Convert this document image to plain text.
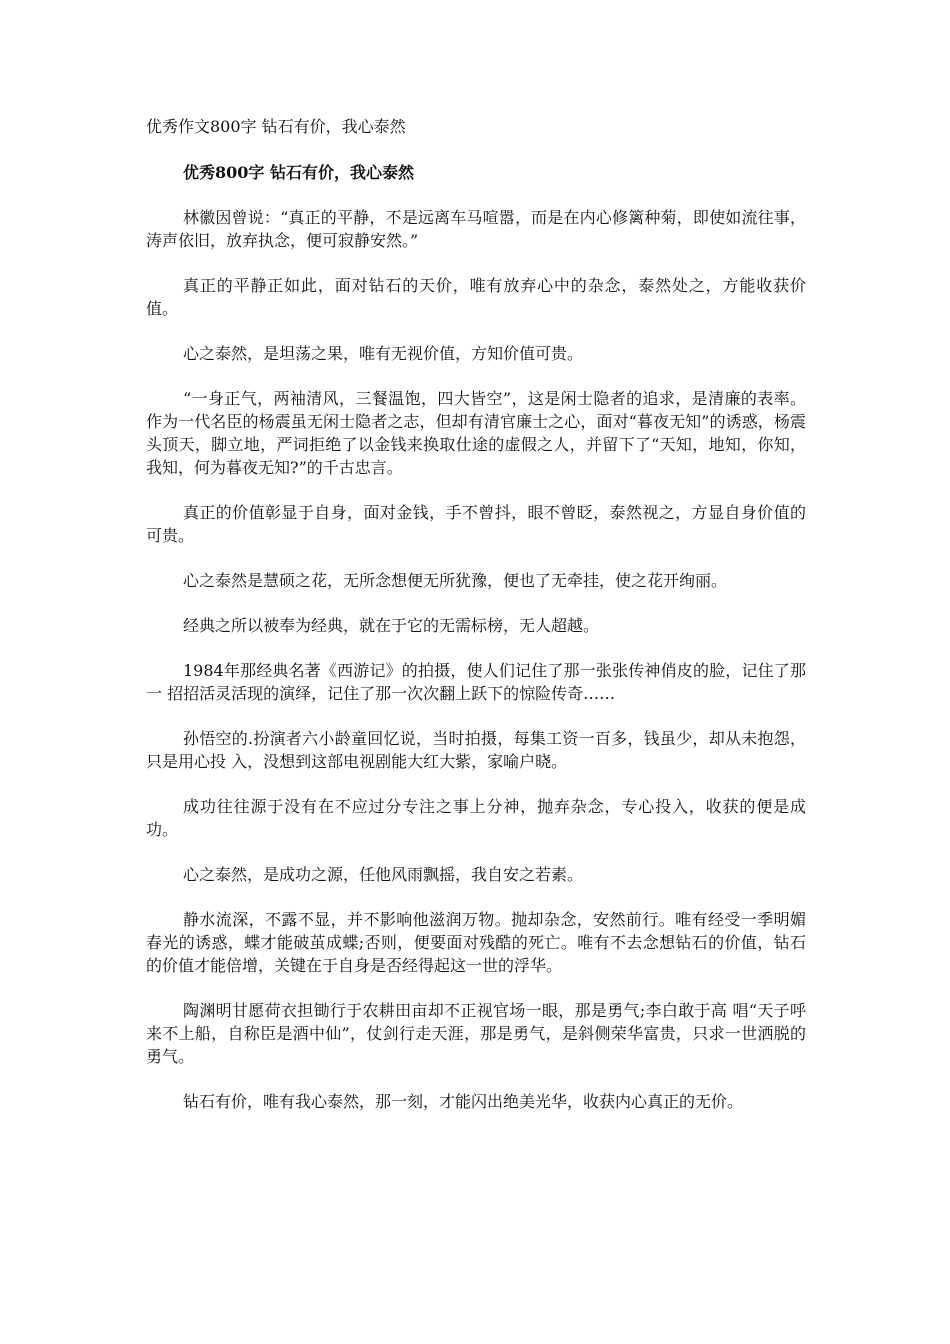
优秀作文800字 钻石有价，我心泰然
优秀800字 钻石有价，我心泰然

林徽因曾说：“真正的平静，不是远离车马喧嚣，而是在内心修篱种菊，即使如流往事，涛声依旧，放弃执念，便可寂静安然。”

真正的平静正如此，面对钻石的天价，唯有放弃心中的杂念，泰然处之，方能收获价值。

心之泰然，是坦荡之果，唯有无视价值，方知价值可贵。

“一身正气，两袖清风，三餐温饱，四大皆空”，这是闲士隐者的追求，是清廉的表率。作为一代名臣的杨震虽无闲士隐者之志，但却有清官廉士之心，面对“暮夜无知”的诱惑，杨震头顶天，脚立地，严词拒绝了以金钱来换取仕途的虚假之人，并留下了“天知，地知，你知，我知，何为暮夜无知?”的千古忠言。

真正的价值彰显于自身，面对金钱，手不曾抖，眼不曾眨，泰然视之，方显自身价值的可贵。

心之泰然是慧硕之花，无所念想便无所犹豫，便也了无牵挂，使之花开绚丽。

经典之所以被奉为经典，就在于它的无需标榜，无人超越。

1984年那经典名著《西游记》的拍摄，使人们记住了那一张张传神俏皮的脸，记住了那一 招招活灵活现的演绎，记住了那一次次翻上跃下的惊险传奇……

孙悟空的.扮演者六小龄童回忆说，当时拍摄，每集工资一百多，钱虽少，却从未抱怨，只是用心投 入，没想到这部电视剧能大红大紫，家喻户晓。

成功往往源于没有在不应过分专注之事上分神，抛弃杂念，专心投入，收获的便是成功。

心之泰然，是成功之源，任他风雨飘摇，我自安之若素。

静水流深，不露不显，并不影响他滋润万物。抛却杂念，安然前行。唯有经受一季明媚春光的诱惑，蝶才能破茧成蝶;否则，便要面对残酷的死亡。唯有不去念想钻石的价值，钻石的价值才能倍增，关键在于自身是否经得起这一世的浮华。

陶渊明甘愿荷衣担锄行于农耕田亩却不正视官场一眼，那是勇气;李白敢于高 唱“天子呼来不上船，自称臣是酒中仙”，仗剑行走天涯，那是勇气，是斜侧荣华富贵，只求一世洒脱的勇气。

钻石有价，唯有我心泰然，那一刻，才能闪出绝美光华，收获内心真正的无价。
